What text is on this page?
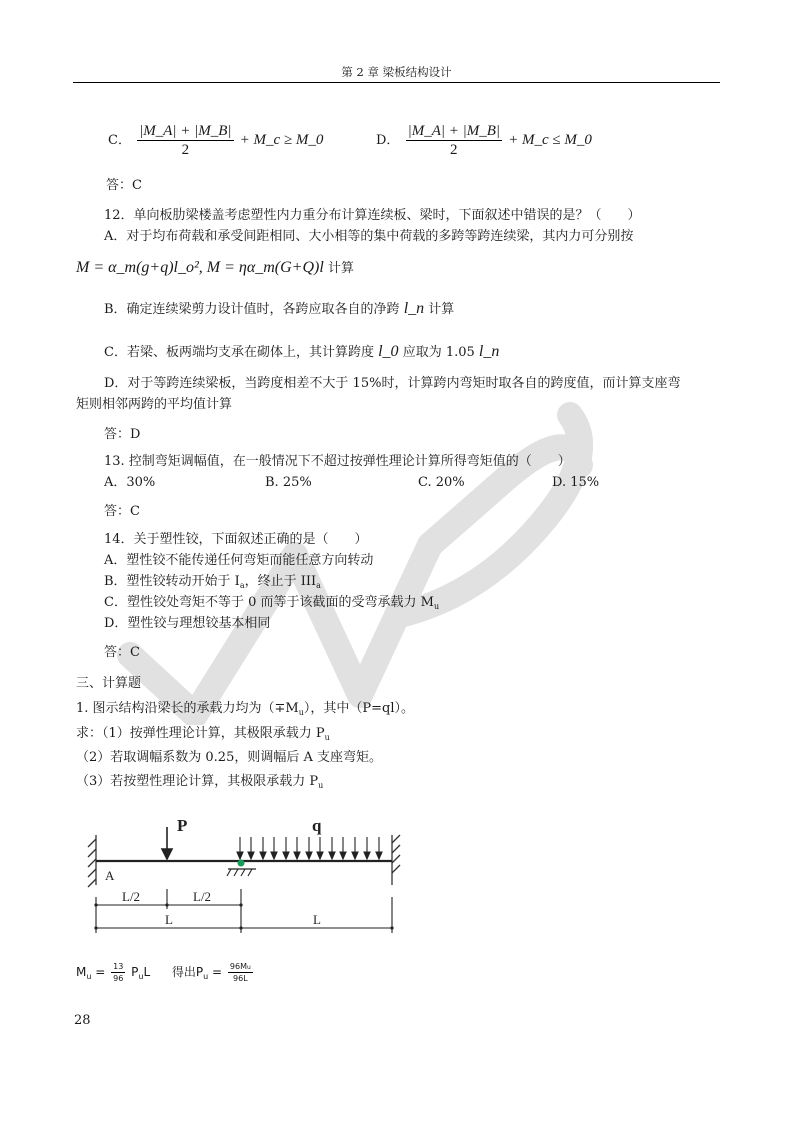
第 2 章 梁板结构设计
C． $\frac{|M\_A| + |M\_B|}{2}$ + M_c ≥ M_0	D． $\frac{|M\_A| + |M\_B|}{2}$ + M_c ≤ M_0
答：C
12．单向板肋梁楼盖考虑塑性内力重分布计算连续板、梁时，下面叙述中错误的是？（　　）
A．对于均布荷载和承受间距相同、大小相等的集中荷载的多跨等跨连续梁，其内力可分别按
M = α_m(g+q)l_o², M = ηα_m(G+Q)l 计算
B．确定连续梁剪力设计值时，各跨应取各自的净跨 l_n 计算
C．若梁、板两端均支承在砌体上，其计算跨度 l_0 应取为 1.05 l_n
D．对于等跨连续梁板，当跨度相差不大于 15%时，计算跨内弯矩时取各自的跨度值，而计算支座弯
矩则相邻两跨的平均值计算
答：D
13. 控制弯矩调幅值，在一般情况下不超过按弹性理论计算所得弯矩值的（　　）
A．30%	B. 25%	C. 20%	D. 15%
答：C
14．关于塑性铰，下面叙述正确的是（　　）
A．塑性铰不能传递任何弯矩而能任意方向转动
B．塑性铰转动开始于 $I_a$，终止于 $III_a$
C．塑性铰处弯矩不等于 0 而等于该截面的受弯承载力 $M_u$
D．塑性铰与理想铰基本相同
答：C
三、计算题
1. 图示结构沿梁长的承载力均为$(\mp M_u)$，其中（P=ql）。
求：（1）按弹性理论计算，其极限承载力 $P_u$
（2）若取调幅系数为 0.25，则调幅后 A 支座弯矩。
（3）若按塑性理论计算，其极限承载力 $P_u$
P	q
A
L/2	L/2
L	L
$M_u = \frac{13}{96} P_uL$ 得出$P_u = \frac{96Mu}{96L}$
28
